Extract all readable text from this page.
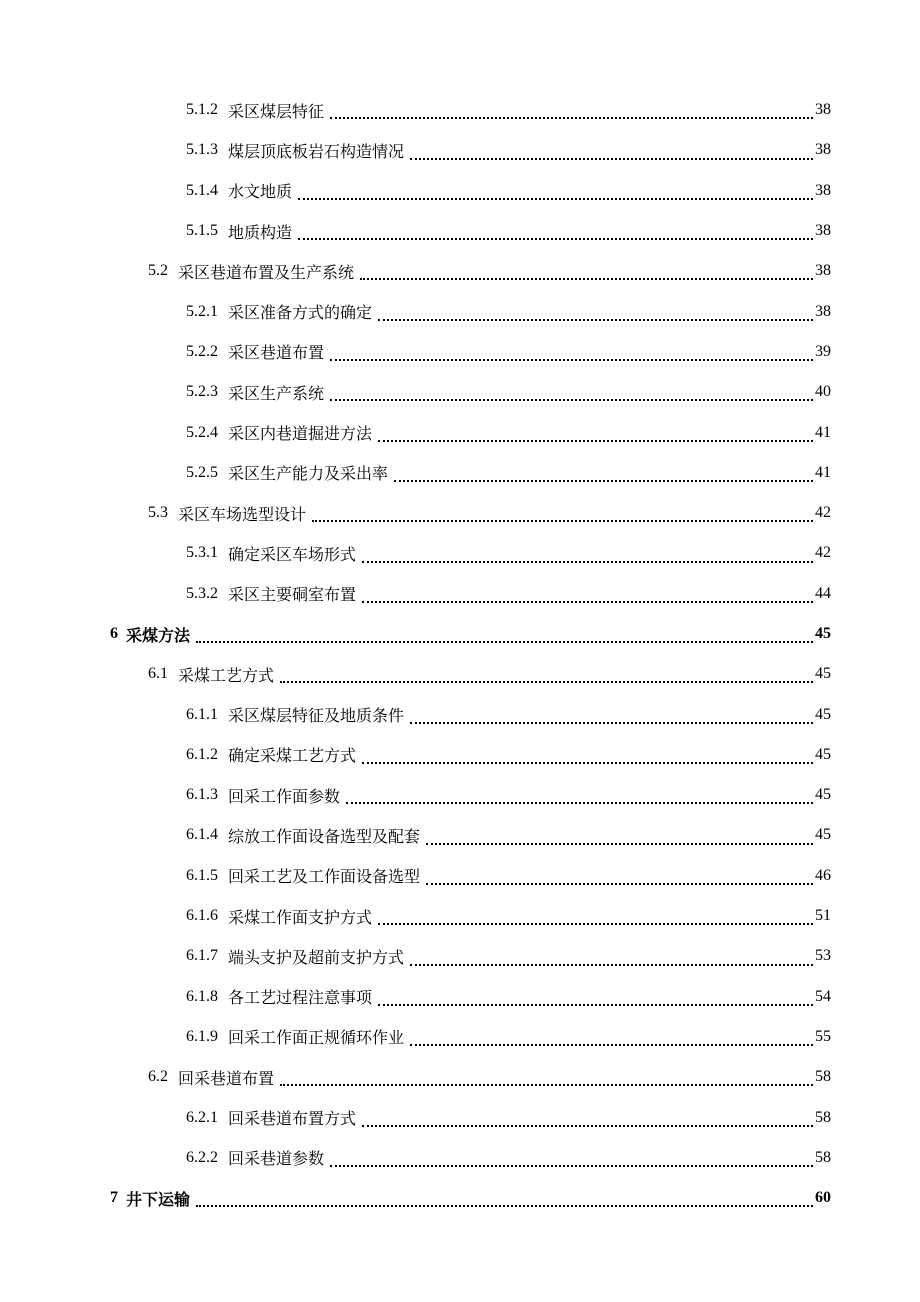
5.1.2 采区煤层特征	38
5.1.3 煤层顶底板岩石构造情况	38
5.1.4 水文地质	38
5.1.5 地质构造	38
5.2 采区巷道布置及生产系统	38
5.2.1 采区准备方式的确定	38
5.2.2 采区巷道布置	39
5.2.3 采区生产系统	40
5.2.4 采区内巷道掘进方法	41
5.2.5 采区生产能力及采出率	41
5.3 采区车场选型设计	42
5.3.1 确定采区车场形式	42
5.3.2 采区主要硐室布置	44
6 采煤方法	45
6.1 采煤工艺方式	45
6.1.1 采区煤层特征及地质条件	45
6.1.2 确定采煤工艺方式	45
6.1.3 回采工作面参数	45
6.1.4 综放工作面设备选型及配套	45
6.1.5 回采工艺及工作面设备选型	46
6.1.6 采煤工作面支护方式	51
6.1.7 端头支护及超前支护方式	53
6.1.8 各工艺过程注意事项	54
6.1.9 回采工作面正规循环作业	55
6.2 回采巷道布置	58
6.2.1 回采巷道布置方式	58
6.2.2 回采巷道参数	58
7 井下运输	60
